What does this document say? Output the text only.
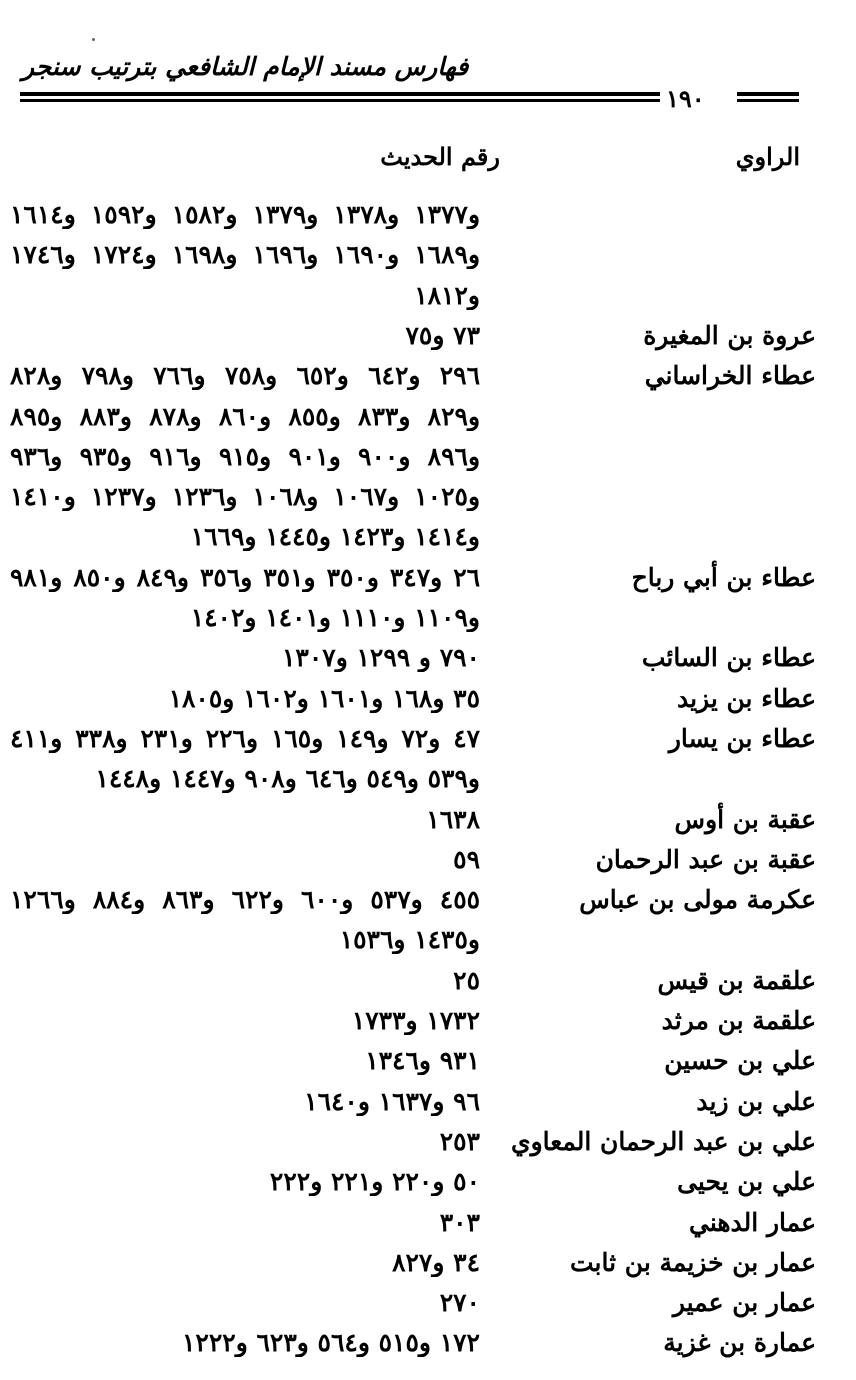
فهارس مسند الإمام الشافعي بترتيب سنجر
١٩٠
الراوي
رقم الحديث
و١٣٧٧ و١٣٧٨ و١٣٧٩ و١٥٨٢ و١٥٩٢ و١٦١٤
و١٦٨٩ و١٦٩٠ و١٦٩٦ و١٦٩٨ و١٧٢٤ و١٧٤٦
و١٨١٢
عروة بن المغيرة
٧٣ و٧٥
عطاء الخراساني
٢٩٦ و٦٤٢ و٦٥٢ و٧٥٨ و٧٦٦ و٧٩٨ و٨٢٨
و٨٢٩ و٨٣٣ و٨٥٥ و٨٦٠ و٨٧٨ و٨٨٣ و٨٩٥
و٨٩٦ و٩٠٠ و٩٠١ و٩١٥ و٩١٦ و٩٣٥ و٩٣٦
و١٠٢٥ و١٠٦٧ و١٠٦٨ و١٢٣٦ و١٢٣٧ و١٤١٠
و١٤١٤ و١٤٢٣ و١٤٤٥ و١٦٦٩
عطاء بن أبي رباح
٢٦ و٣٤٧ و٣٥٠ و٣٥١ و٣٥٦ و٨٤٩ و٨٥٠ و٩٨١
و١١٠٩ و١١١٠ و١٤٠١ و١٤٠٢
عطاء بن السائب
٧٩٠ و ١٢٩٩ و١٣٠٧
عطاء بن يزيد
٣٥ و١٦٨ و١٦٠١ و١٦٠٢ و١٨٠٥
عطاء بن يسار
٤٧ و٧٢ و١٤٩ و١٦٥ و٢٢٦ و٢٣١ و٣٣٨ و٤١١
و٥٣٩ و٥٤٩ و٦٤٦ و٩٠٨ و١٤٤٧ و١٤٤٨
عقبة بن أوس
١٦٣٨
عقبة بن عبد الرحمان
٥٩
عكرمة مولى بن عباس
٤٥٥ و٥٣٧ و٦٠٠ و٦٢٢ و٨٦٣ و٨٨٤ و١٢٦٦
و١٤٣٥ و١٥٣٦
علقمة بن قيس
٢٥
علقمة بن مرثد
١٧٣٢ و١٧٣٣
علي بن حسين
٩٣١ و١٣٤٦
علي بن زيد
٩٦ و١٦٣٧ و١٦٤٠
علي بن عبد الرحمان المعاوي
٢٥٣
علي بن يحيى
٥٠ و٢٢٠ و٢٢١ و٢٢٢
عمار الدهني
٣٠٣
عمار بن خزيمة بن ثابت
٣٤ و٨٢٧
عمار بن عمير
٢٧٠
عمارة بن غزية
١٧٢ و٥١٥ و٥٦٤ و٦٢٣ و١٢٢٢
